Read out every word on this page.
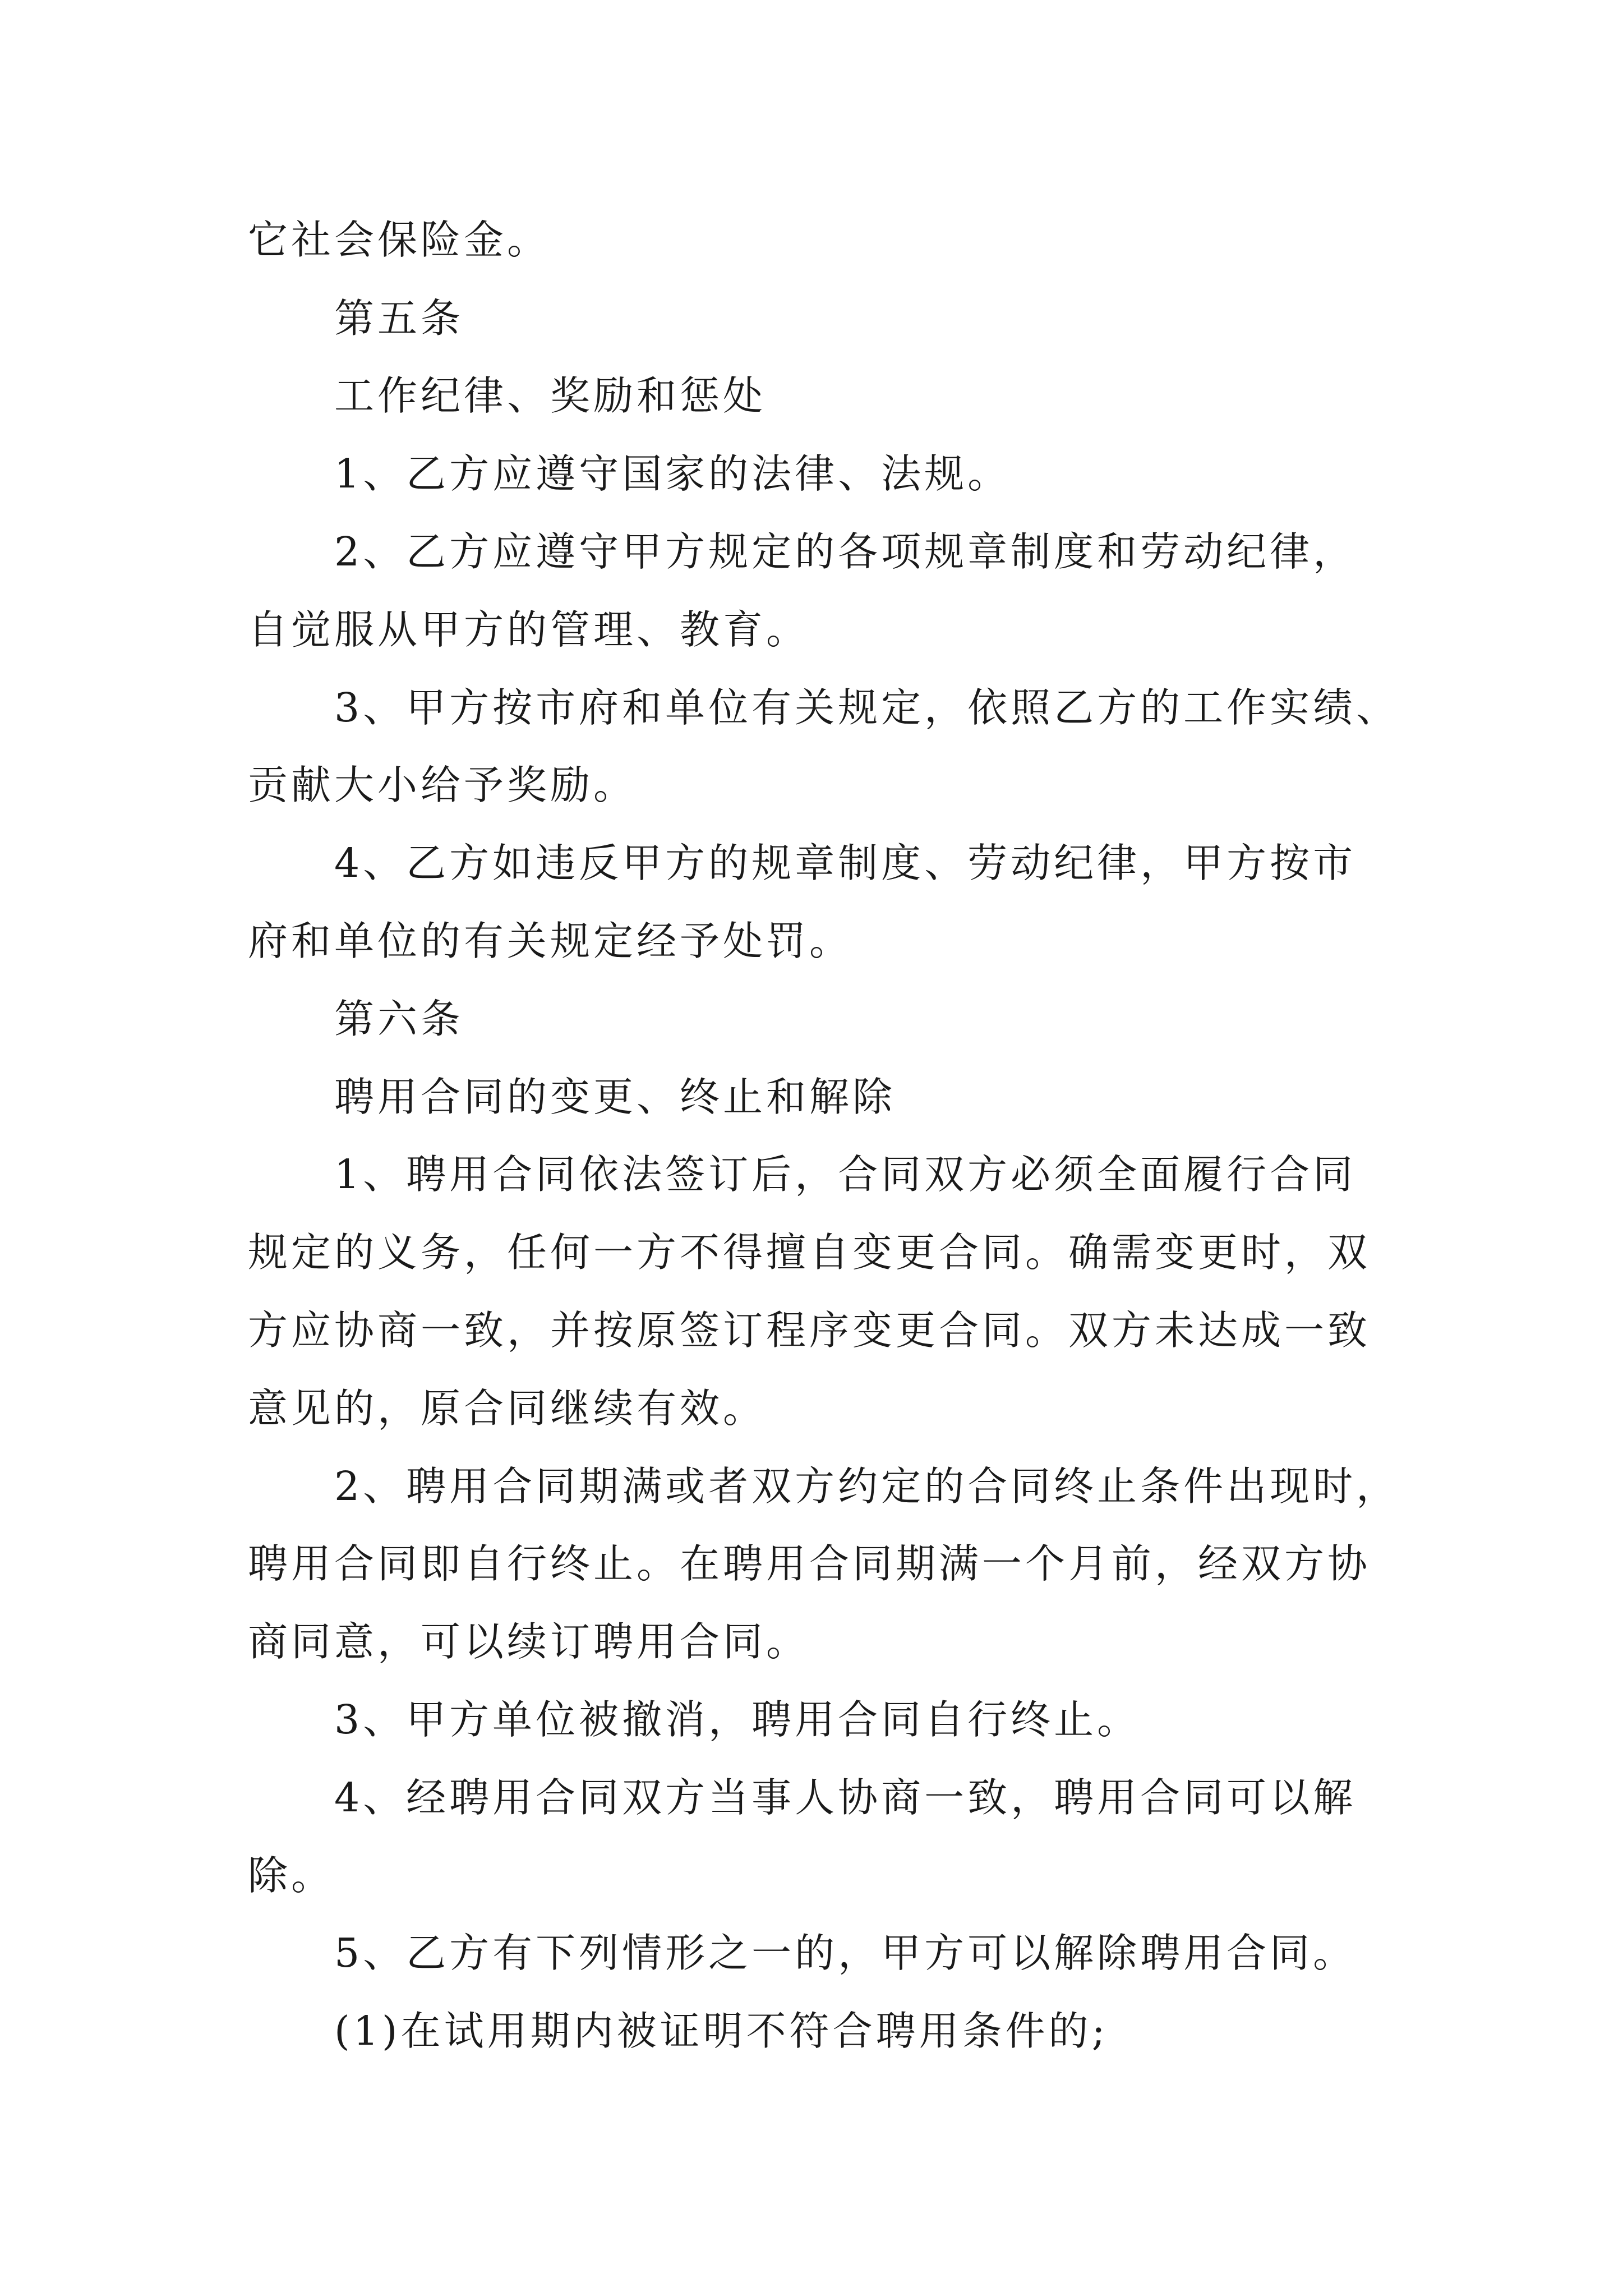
它社会保险金。
第五条
工作纪律、奖励和惩处
1、乙方应遵守国家的法律、法规。
2、乙方应遵守甲方规定的各项规章制度和劳动纪律，
自觉服从甲方的管理、教育。
3、甲方按市府和单位有关规定，依照乙方的工作实绩、
贡献大小给予奖励。
4、乙方如违反甲方的规章制度、劳动纪律，甲方按市
府和单位的有关规定经予处罚。
第六条
聘用合同的变更、终止和解除
1、聘用合同依法签订后，合同双方必须全面履行合同
规定的义务，任何一方不得擅自变更合同。确需变更时，双
方应协商一致，并按原签订程序变更合同。双方未达成一致
意见的，原合同继续有效。
2、聘用合同期满或者双方约定的合同终止条件出现时，
聘用合同即自行终止。在聘用合同期满一个月前，经双方协
商同意，可以续订聘用合同。
3、甲方单位被撤消，聘用合同自行终止。
4、经聘用合同双方当事人协商一致，聘用合同可以解
除。
5、乙方有下列情形之一的，甲方可以解除聘用合同。
(1)在试用期内被证明不符合聘用条件的;
